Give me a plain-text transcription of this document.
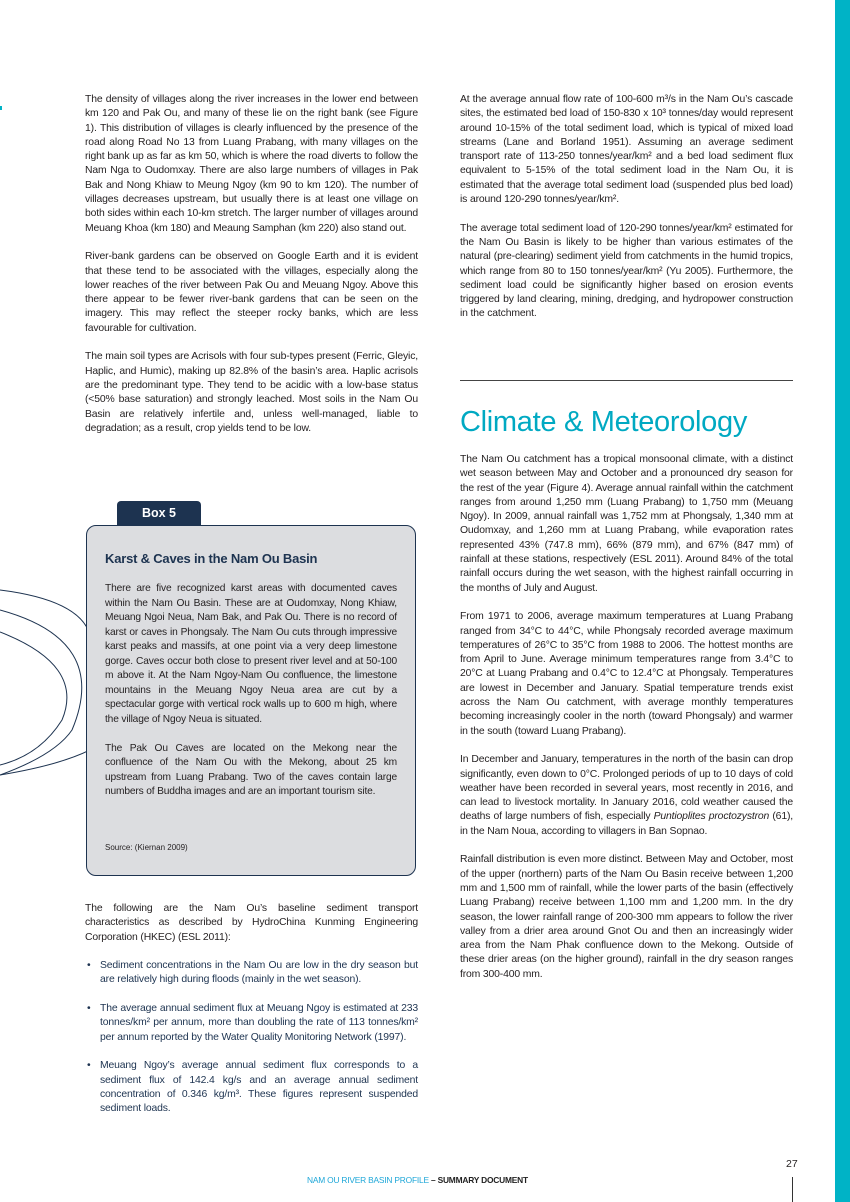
The density of villages along the river increases in the lower end between km 120 and Pak Ou, and many of these lie on the right bank (see Figure 1). This distribution of villages is clearly influenced by the presence of the road along Road No 13 from Luang Prabang, with many villages on the right bank up as far as km 50, which is where the road diverts to follow the Nam Nga to Oudomxay. There are also large numbers of villages in Pak Bak and Nong Khiaw to Meung Ngoy (km 90 to km 120). The number of villages decreases upstream, but usually there is at least one village on both sides within each 10-km stretch. The larger number of villages around Meuang Khoa (km 180) and Meaung Samphan (km 220) also stand out.

River-bank gardens can be observed on Google Earth and it is evident that these tend to be associated with the villages, especially along the lower reaches of the river between Pak Ou and Meuang Ngoy. Above this there appear to be fewer river-bank gardens that can be seen on the imagery. This may reflect the steeper rocky banks, which are less favourable for cultivation.

The main soil types are Acrisols with four sub-types present (Ferric, Gleyic, Haplic, and Humic), making up 82.8% of the basin’s area. Haplic acrisols are the predominant type. They tend to be acidic with a low-base status (<50% base saturation) and strongly leached. Most soils in the Nam Ou Basin are relatively infertile and, unless well-managed, liable to degradation; as a result, crop yields tend to be low.

Box 5
Karst & Caves in the Nam Ou Basin

There are five recognized karst areas with documented caves within the Nam Ou Basin. These are at Oudomxay, Nong Khiaw, Meuang Ngoi Neua, Nam Bak, and Pak Ou. There is no record of karst or caves in Phongsaly. The Nam Ou cuts through impressive karst peaks and massifs, at one point via a very deep limestone gorge. Caves occur both close to present river level and at 50-100 m above it. At the Nam Ngoy-Nam Ou confluence, the limestone mountains in the Meuang Ngoy Neua area are cut by a spectacular gorge with vertical rock walls up to 600 m high, where the village of Ngoy Neua is situated.

The Pak Ou Caves are located on the Mekong near the confluence of the Nam Ou with the Mekong, about 25 km upstream from Luang Prabang. Two of the caves contain large numbers of Buddha images and are an important tourism site.

Source: (Kiernan 2009)

The following are the Nam Ou’s baseline sediment transport characteristics as described by HydroChina Kunming Engineering Corporation (HKEC) (ESL 2011):

• Sediment concentrations in the Nam Ou are low in the dry season but are relatively high during floods (mainly in the wet season).
• The average annual sediment flux at Meuang Ngoy is estimated at 233 tonnes/km² per annum, more than doubling the rate of 113 tonnes/km² per annum reported by the Water Quality Monitoring Network (1997).
• Meuang Ngoy’s average annual sediment flux corresponds to a sediment flux of 142.4 kg/s and an average annual sediment concentration of 0.346 kg/m³. These figures represent suspended sediment loads.

At the average annual flow rate of 100-600 m³/s in the Nam Ou’s cascade sites, the estimated bed load of 150-830 x 10³ tonnes/day would represent around 10-15% of the total sediment load, which is typical of mixed load streams (Lane and Borland 1951). Assuming an average sediment transport rate of 113-250 tonnes/year/km² and a bed load sediment flux equivalent to 5-15% of the total sediment load in the Nam Ou, it is estimated that the average total sediment load (suspended plus bed load) is around 120-290 tonnes/year/km².

The average total sediment load of 120-290 tonnes/year/km² estimated for the Nam Ou Basin is likely to be higher than various estimates of the natural (pre-clearing) sediment yield from catchments in the humid tropics, which range from 80 to 150 tonnes/year/km² (Yu 2005). Furthermore, the sediment load could be significantly higher based on erosion events triggered by land clearing, mining, dredging, and hydropower construction in the catchment.

Climate & Meteorology

The Nam Ou catchment has a tropical monsoonal climate, with a distinct wet season between May and October and a pronounced dry season for the rest of the year (Figure 4). Average annual rainfall within the catchment ranges from around 1,250 mm (Luang Prabang) to 1,750 mm (Meuang Ngoy). In 2009, annual rainfall was 1,752 mm at Phongsaly, 1,340 mm at Oudomxay, and 1,260 mm at Luang Prabang, while evaporation rates represented 43% (747.8 mm), 66% (879 mm), and 67% (847 mm) of rainfall at these stations, respectively (ESL 2011). Around 84% of the total rainfall occurs during the wet season, with the highest rainfall occurring in the months of July and August.

From 1971 to 2006, average maximum temperatures at Luang Prabang ranged from 34°C to 44°C, while Phongsaly recorded average maximum temperatures of 26°C to 35°C from 1988 to 2006. The hottest months are from April to June. Average minimum temperatures range from 3.4°C to 20°C at Luang Prabang and 0.4°C to 12.4°C at Phongsaly. Temperatures are lowest in December and January. Spatial temperature trends exist across the Nam Ou catchment, with average monthly temperatures becoming increasingly cooler in the north (toward Phongsaly) and warmer in the south (toward Luang Prabang).

In December and January, temperatures in the north of the basin can drop significantly, even down to 0°C. Prolonged periods of up to 10 days of cold weather have been recorded in several years, most recently in 2016, and can lead to livestock mortality. In January 2016, cold weather caused the deaths of large numbers of fish, especially Puntioplites proctozystron (61), in the Nam Noua, according to villagers in Ban Sopnao.

Rainfall distribution is even more distinct. Between May and October, most of the upper (northern) parts of the Nam Ou Basin receive between 1,200 mm and 1,500 mm of rainfall, while the lower parts of the basin (effectively Luang Prabang) receive between 1,100 mm and 1,200 mm. In the dry season, the lower rainfall range of 200-300 mm appears to follow the river valley from a drier area around Gnot Ou and then an increasingly wider area from the Nam Phak confluence down to the Mekong. Outside of these drier areas (on the higher ground), rainfall in the dry season ranges from 300-400 mm.

NAM OU RIVER BASIN PROFILE – SUMMARY DOCUMENT
27
